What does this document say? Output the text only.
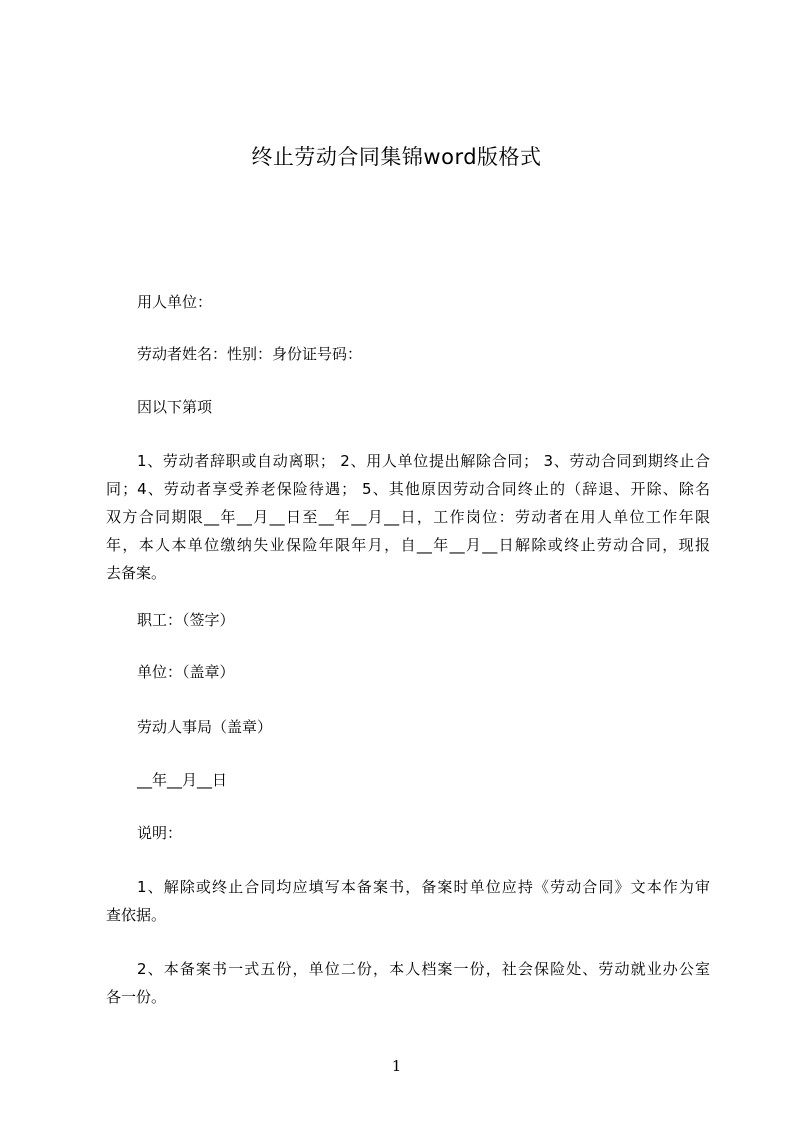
终止劳动合同集锦word版格式
用人单位：
劳动者姓名：性别：身份证号码：
因以下第项
1、劳动者辞职或自动离职； 2、用人单位提出解除合同； 3、劳动合同到期终止合
同；4、劳动者享受养老保险待遇； 5、其他原因劳动合同终止的（辞退、开除、除名
双方合同期限__年__月__日至__年__月__日，工作岗位：劳动者在用人单位工作年限
年，本人本单位缴纳失业保险年限年月，自__年__月__日解除或终止劳动合同，现报
去备案。
职工：（签字）
单位：（盖章）
劳动人事局（盖章）
__年__月__日
说明：
1、解除或终止合同均应填写本备案书，备案时单位应持《劳动合同》文本作为审
查依据。
2、本备案书一式五份，单位二份，本人档案一份，社会保险处、劳动就业办公室
各一份。
1
